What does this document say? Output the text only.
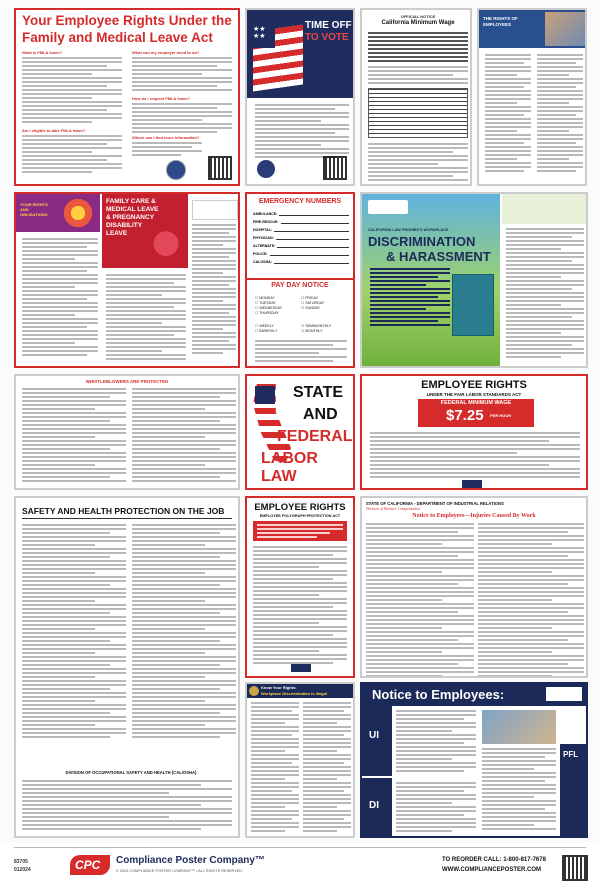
Your Employee Rights Under the
Family and Medical Leave Act
What is FMLA leave?
Am I eligible to take FMLA leave?
What can my employer need to do?
How do I request FMLA leave?
Where can I find more information?
★★
★★
TIME OFF
TO VOTE
OFFICIAL NOTICE
California Minimum Wage
THE RIGHTS OF EMPLOYEES
YOUR RIGHTS AND OBLIGATIONS
FAMILY CARE &
MEDICAL LEAVE
& PREGNANCY
DISABILITY
LEAVE
EMERGENCY NUMBERS
AMBULANCE:
FIRE-RESCUE:
HOSPITAL:
PHYSICIAN:
ALTERNATE:
POLICE:
CALOSHA:
PAY DAY NOTICE
☐ MONDAY
☐ TUESDAY
☐ WEDNESDAY
☐ THURSDAY
☐ FRIDAY
☐ SATURDAY
☐ SUNDAY
☐ WEEKLY
☐ BIWEEKLY
☐ SEMIMONTHLY
☐ MONTHLY
CALIFORNIA LAW PROHIBITS WORKPLACE
DISCRIMINATION
& HARASSMENT
WHISTLEBLOWERS ARE PROTECTED
STATE
AND
FEDERAL
LABOR LAW
EMPLOYEE RIGHTS
UNDER THE FAIR LABOR STANDARDS ACT
FEDERAL MINIMUM WAGE
$7.25 PER HOUR
SAFETY AND HEALTH PROTECTION ON THE JOB
DIVISION OF OCCUPATIONAL SAFETY AND HEALTH (CAL/OSHA)
EMPLOYEE RIGHTS
EMPLOYEE POLYGRAPH PROTECTION ACT
STATE OF CALIFORNIA - DEPARTMENT OF INDUSTRIAL RELATIONS
Division of Workers' Compensation
Notice to Employees—Injuries Caused By Work
Know Your Rights:
Workplace Discrimination is Illegal	Notice to Employees:
UI
DI
PFL
83705
012024	CPC Compliance Poster Company™
© 2024 COMPLIANCE POSTER COMPANY™ • ALL RIGHTS RESERVED.
TO REORDER CALL: 1-800-817-7678
WWW.COMPLIANCEPOSTER.COM
